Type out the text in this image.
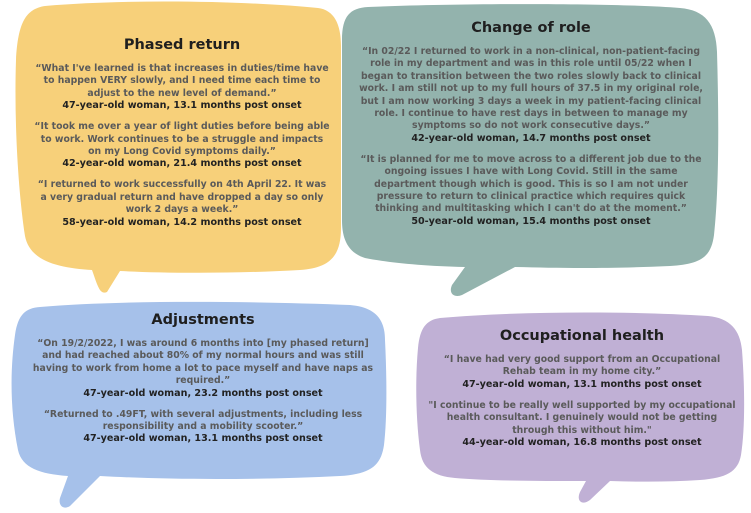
Phased return

“What I've learned is that increases in duties/time have to happen VERY slowly, and I need time each time to adjust to the new level of demand.”

47-year-old woman, 13.1 months post onset

“It took me over a year of light duties before being able to work. Work continues to be a struggle and impacts on my Long Covid symptoms daily.”

42-year-old woman, 21.4 months post onset

“I returned to work successfully on 4th April 22. It was a very gradual return and have dropped a day so only work 2 days a week.”

58-year-old woman, 14.2 months post onset

Change of role

“In 02/22 I returned to work in a non-clinical, non-patient-facing role in my department and was in this role until 05/22 when I began to transition between the two roles slowly back to clinical work. I am still not up to my full hours of 37.5 in my original role, but I am now working 3 days a week in my patient-facing clinical role. I continue to have rest days in between to manage my symptoms so do not work consecutive days.”

42-year-old woman, 14.7 months post onset

“It is planned for me to move across to a different job due to the ongoing issues I have with Long Covid. Still in the same department though which is good. This is so I am not under pressure to return to clinical practice which requires quick thinking and multitasking which I can't do at the moment.”

50-year-old woman, 15.4 months post onset

Adjustments

“On 19/2/2022, I was around 6 months into [my phased return] and had reached about 80% of my normal hours and was still having to work from home a lot to pace myself and have naps as required.”

47-year-old woman, 23.2 months post onset

“Returned to .49FT, with several adjustments, including less responsibility and a mobility scooter.”

47-year-old woman, 13.1 months post onset

Occupational health

“I have had very good support from an Occupational Rehab team in my home city.”

47-year-old woman, 13.1 months post onset

"I continue to be really well supported by my occupational health consultant. I genuinely would not be getting through this without him."

44-year-old woman, 16.8 months post onset
